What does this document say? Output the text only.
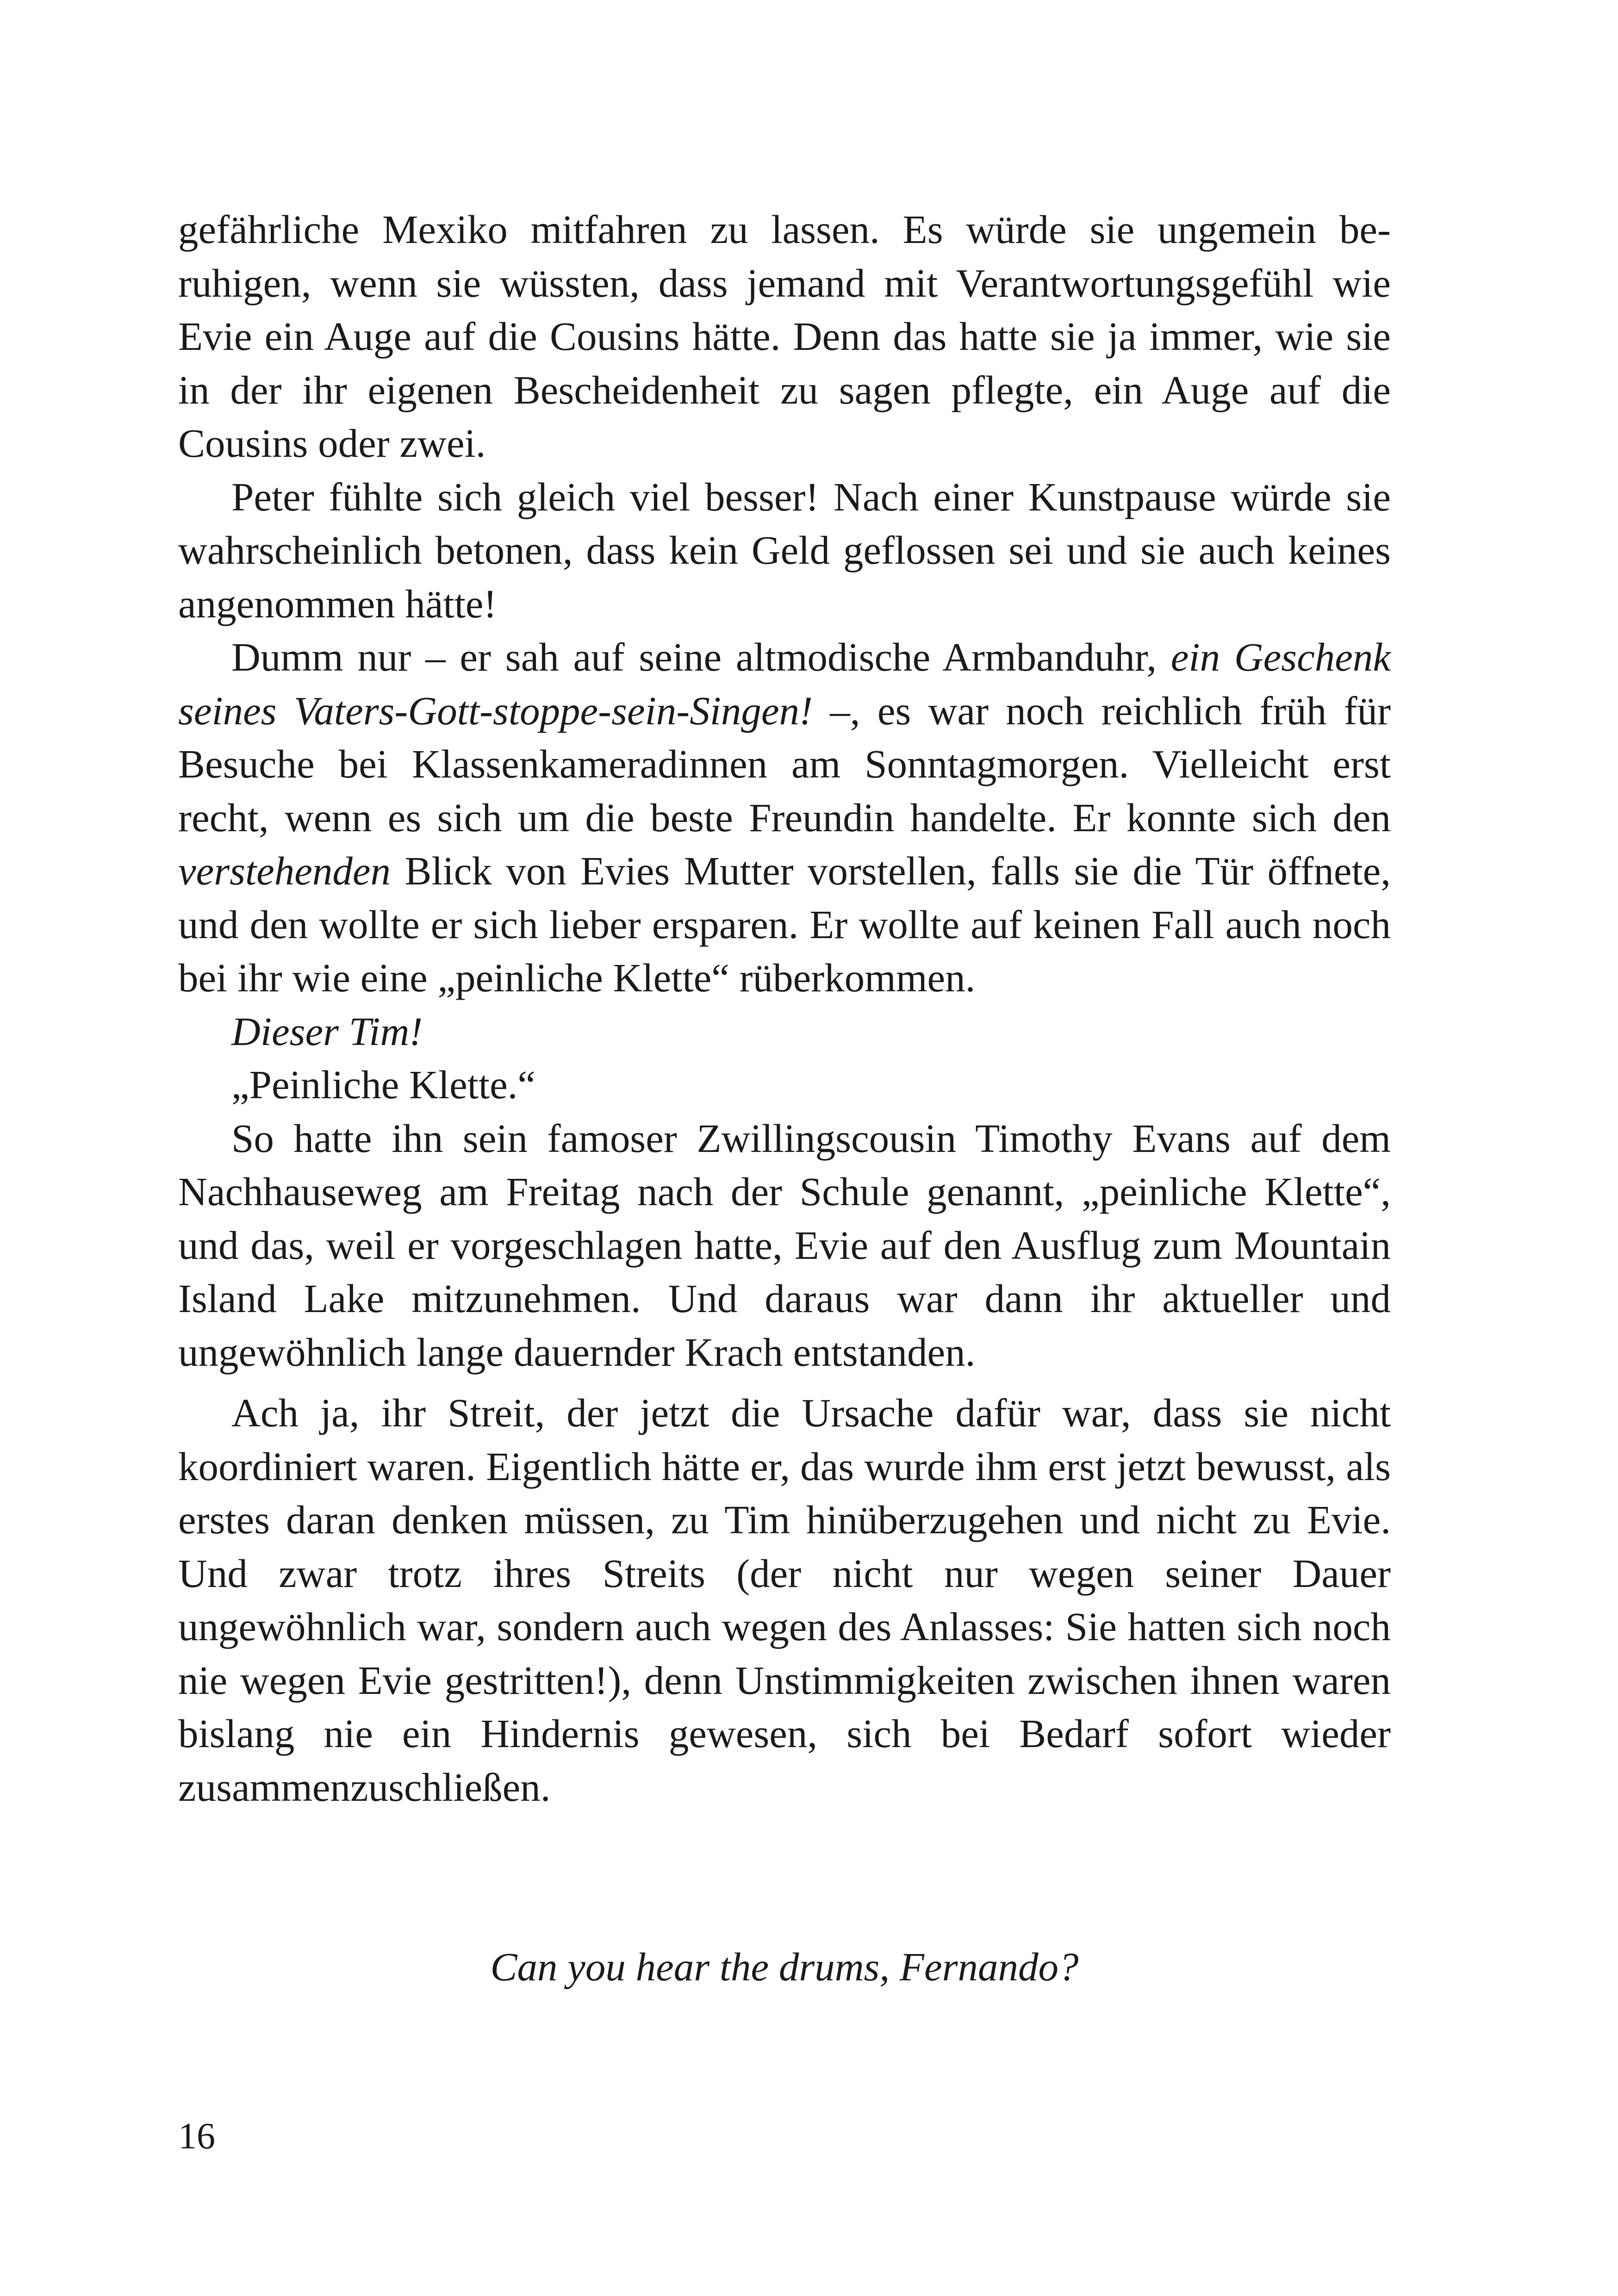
gefährliche Mexiko mitfahren zu lassen. Es würde sie ungemein beruhigen, wenn sie wüssten, dass jemand mit Verantwortungsgefühl wie Evie ein Auge auf die Cousins hätte. Denn das hatte sie ja immer, wie sie in der ihr eigenen Bescheidenheit zu sagen pflegte, ein Auge auf die Cousins oder zwei.

Peter fühlte sich gleich viel besser! Nach einer Kunstpause würde sie wahrscheinlich betonen, dass kein Geld geflossen sei und sie auch keines angenommen hätte!

Dumm nur – er sah auf seine altmodische Armbanduhr, ein Geschenk seines Vaters-Gott-stoppe-sein-Singen! –, es war noch reichlich früh für Besuche bei Klassenkameradinnen am Sonntagmorgen. Vielleicht erst recht, wenn es sich um die beste Freundin handelte. Er konnte sich den verstehenden Blick von Evies Mutter vorstellen, falls sie die Tür öffnete, und den wollte er sich lieber ersparen. Er wollte auf keinen Fall auch noch bei ihr wie eine „peinliche Klette“ rüberkommen.

Dieser Tim!

„Peinliche Klette.“

So hatte ihn sein famoser Zwillingscousin Timothy Evans auf dem Nachhauseweg am Freitag nach der Schule genannt, „peinliche Klette“, und das, weil er vorgeschlagen hatte, Evie auf den Ausflug zum Mountain Island Lake mitzunehmen. Und daraus war dann ihr aktueller und ungewöhnlich lange dauernder Krach entstanden.

Ach ja, ihr Streit, der jetzt die Ursache dafür war, dass sie nicht koordiniert waren. Eigentlich hätte er, das wurde ihm erst jetzt bewusst, als erstes daran denken müssen, zu Tim hinüberzugehen und nicht zu Evie. Und zwar trotz ihres Streits (der nicht nur wegen seiner Dauer ungewöhnlich war, sondern auch wegen des Anlasses: Sie hatten sich noch nie wegen Evie gestritten!), denn Unstimmigkeiten zwischen ihnen waren bislang nie ein Hindernis gewesen, sich bei Bedarf sofort wieder zusammenzuschließen.

Can you hear the drums, Fernando?
16
